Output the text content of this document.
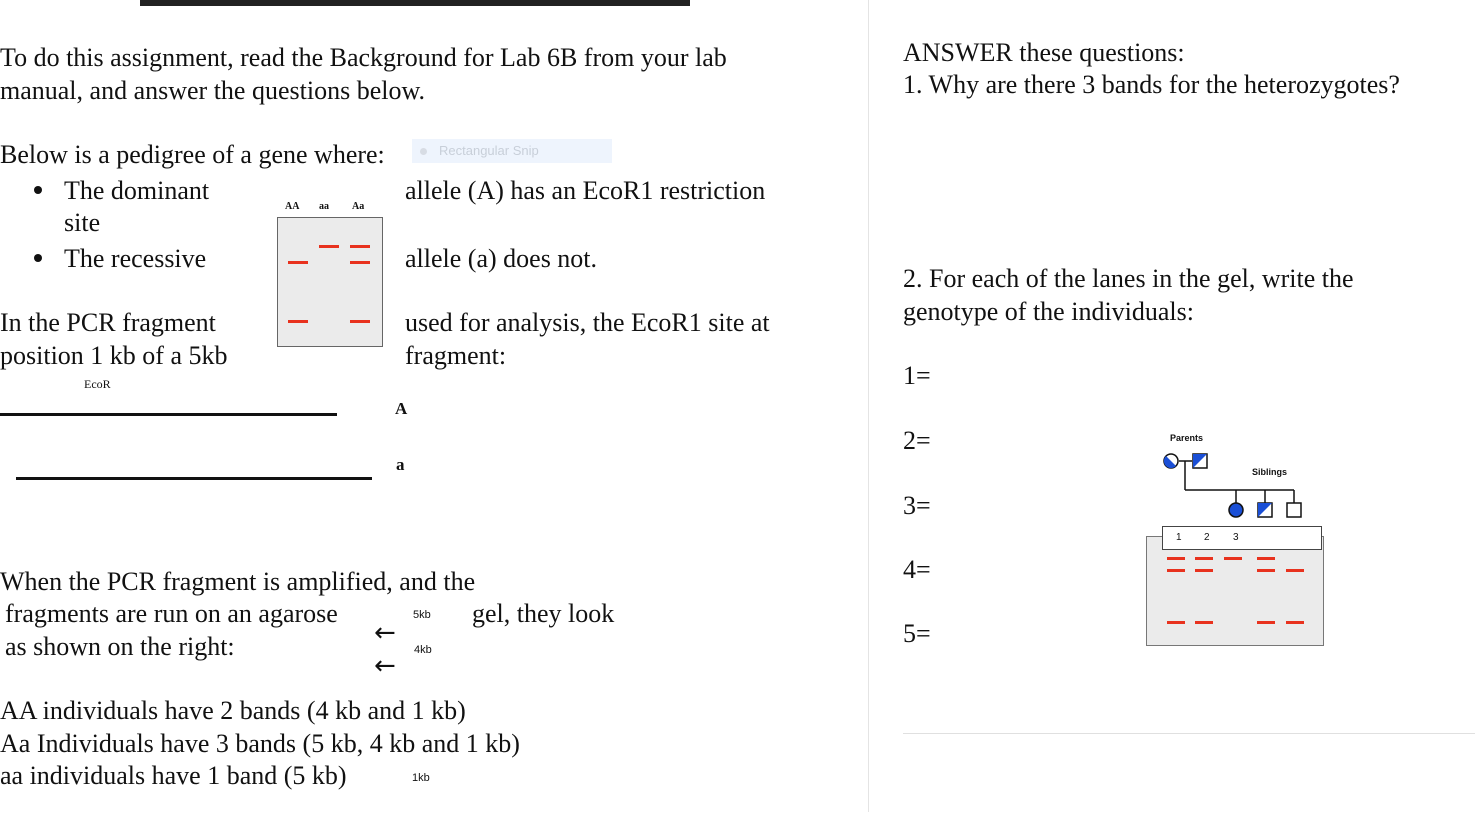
To do this assignment, read the Background for Lab 6B from your lab
manual, and answer the questions below.
Below is a pedigree of a gene where:	Rectangular Snip
The dominant	allele (A) has an EcoR1 restriction
site
The recessive	allele (a) does not.
AA aa Aa
In the PCR fragment	used for analysis, the EcoR1 site at
position 1 kb of a 5kb	fragment:
EcoR
A
a
When the PCR fragment is amplified, and the
fragments are run on an agarose	gel, they look
as shown on the right:
5kb
4kb
←
←
AA individuals have 2 bands (4 kb and 1 kb)
Aa Individuals have 3 bands (5 kb, 4 kb and 1 kb)
aa individuals have 1 band (5 kb)	1kb
ANSWER these questions:
1. Why are there 3 bands for the heterozygotes?
2. For each of the lanes in the gel, write the
genotype of the individuals:
1=
2=
3=
4=
5=
Parents
Siblings
1 2 3
